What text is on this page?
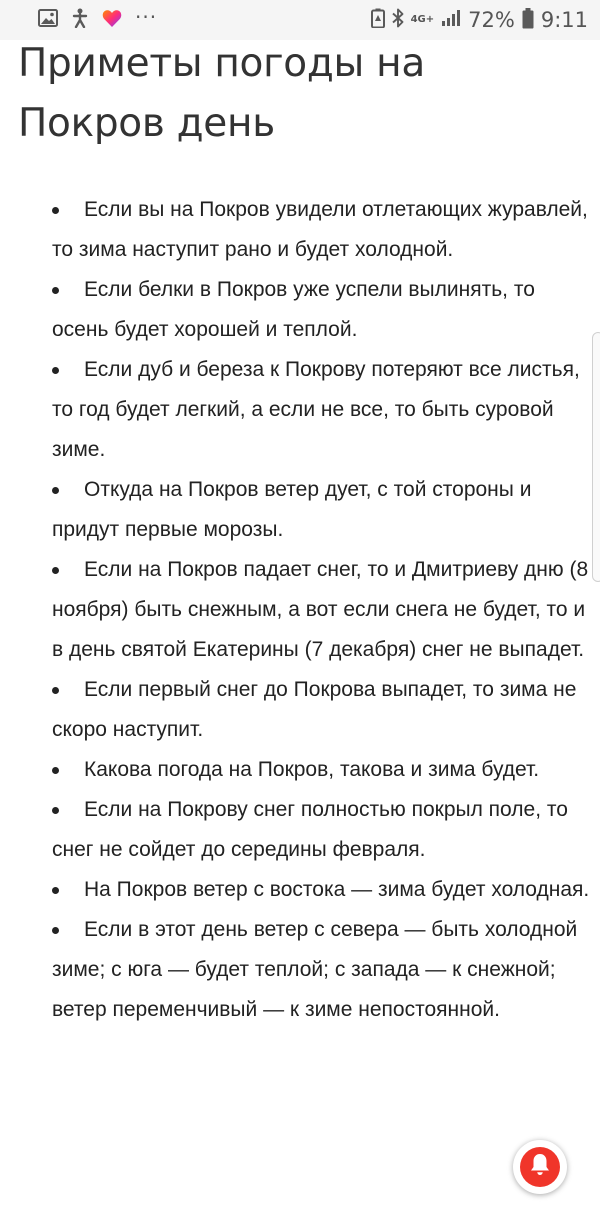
Приметы погоды на Покров день
Если вы на Покров увидели отлетающих журавлей, то зима наступит рано и будет холодной.
Если белки в Покров уже успели вылинять, то осень будет хорошей и теплой.
Если дуб и береза к Покрову потеряют все листья, то год будет легкий, а если не все, то быть суровой зиме.
Откуда на Покров ветер дует, с той стороны и придут первые морозы.
Если на Покров падает снег, то и Дмитриеву дню (8 ноября) быть снежным, а вот если снега не будет, то и в день святой Екатерины (7 декабря) снег не выпадет.
Если первый снег до Покрова выпадет, то зима не скоро наступит.
Какова погода на Покров, такова и зима будет.
Если на Покрову снег полностью покрыл поле, то снег не сойдет до середины февраля.
На Покров ветер с востока — зима будет холодная.
Если в этот день ветер с севера — быть холодной зиме; с юга — будет теплой; с запада — к снежной; ветер переменчивый — к зиме непостоянной.
···	4G+ 72% 9:11
